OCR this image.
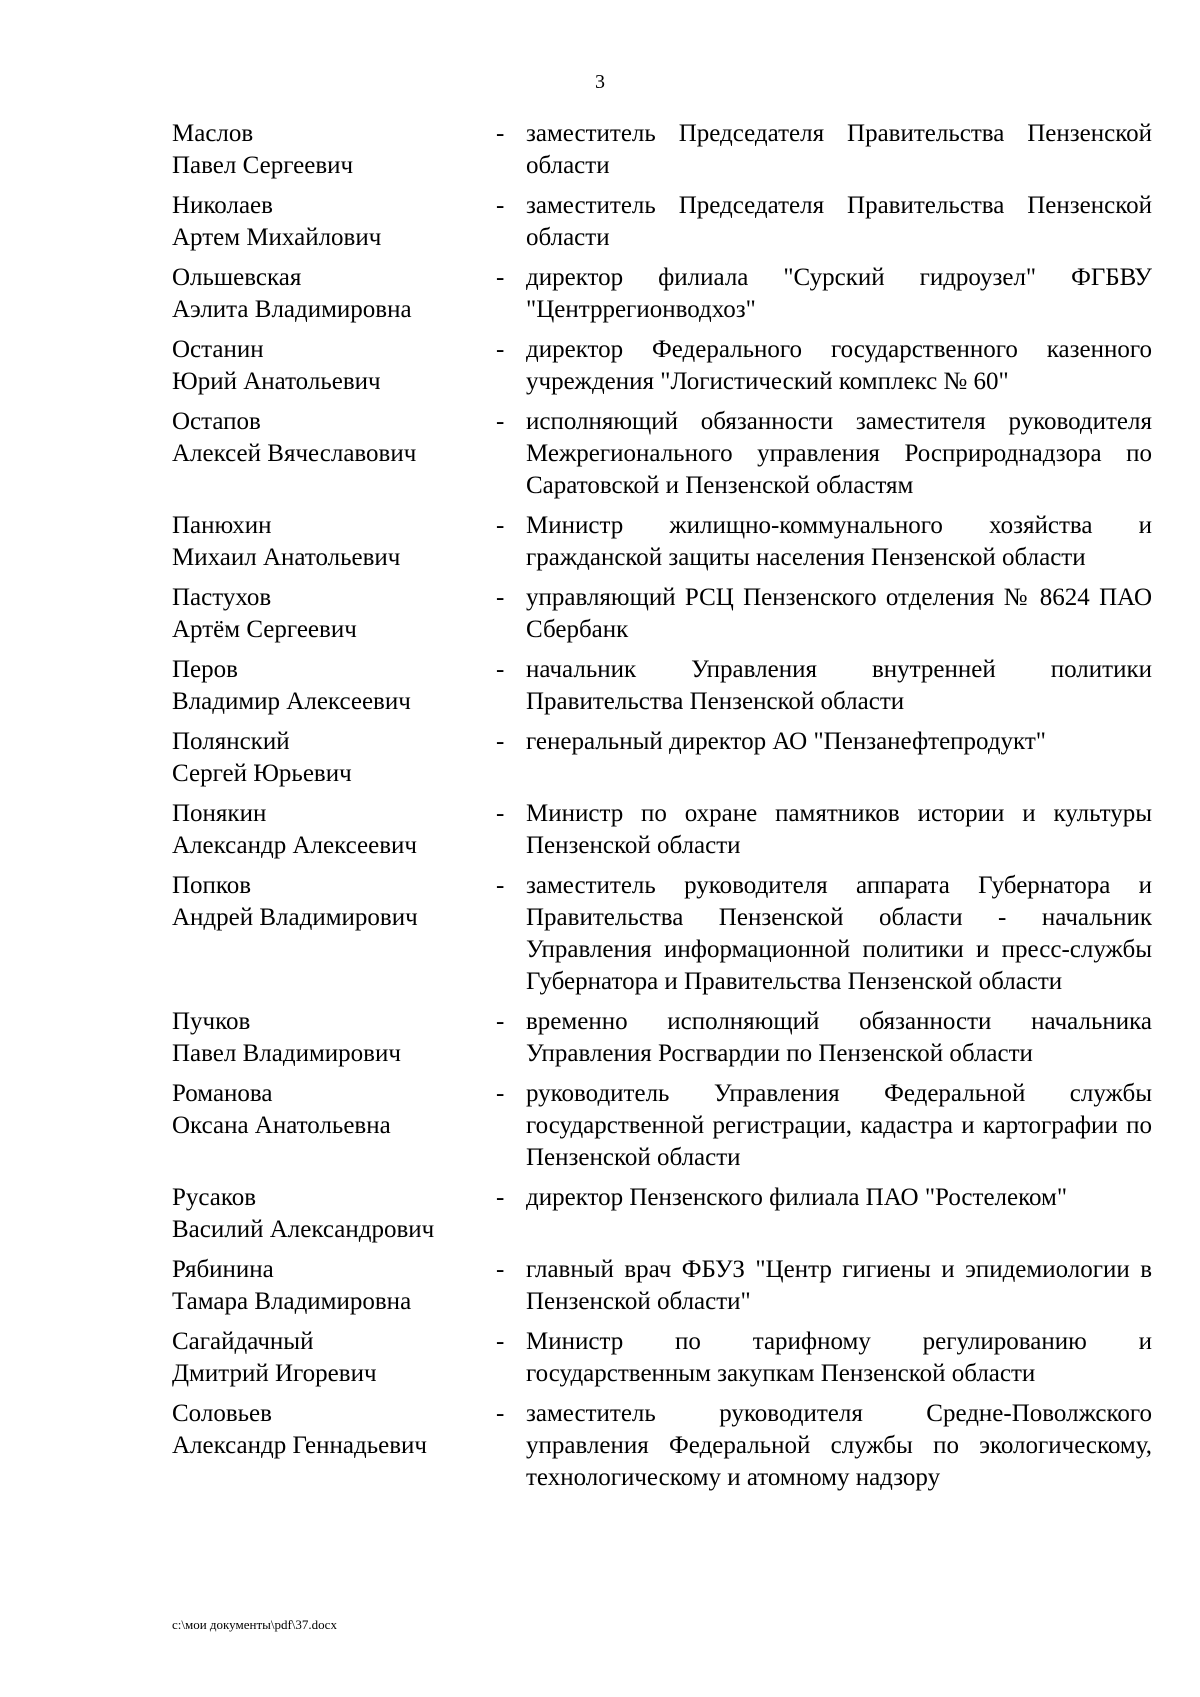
3
Маслов
Павел Сергеевич
- заместитель Председателя Правительства Пензенской области
Николаев
Артем Михайлович
- заместитель Председателя Правительства Пензенской области
Ольшевская
Аэлита Владимировна
- директор филиала "Сурский гидроузел" ФГБВУ "Центррегионводхоз"
Останин
Юрий Анатольевич
- директор Федерального государственного казенного учреждения "Логистический комплекс № 60"
Остапов
Алексей Вячеславович
- исполняющий обязанности заместителя руководителя Межрегионального управления Росприроднадзора по Саратовской и Пензенской областям
Панюхин
Михаил Анатольевич
- Министр жилищно-коммунального хозяйства и гражданской защиты населения Пензенской области
Пастухов
Артём Сергеевич
- управляющий РСЦ Пензенского отделения № 8624 ПАО Сбербанк
Перов
Владимир Алексеевич
- начальник Управления внутренней политики Правительства Пензенской области
Полянский
Сергей Юрьевич
- генеральный директор АО "Пензанефтепродукт"
Понякин
Александр Алексеевич
- Министр по охране памятников истории и культуры Пензенской области
Попков
Андрей Владимирович
- заместитель руководителя аппарата Губернатора и Правительства Пензенской области - начальник Управления информационной политики и пресс-службы Губернатора и Правительства Пензенской области
Пучков
Павел Владимирович
- временно исполняющий обязанности начальника Управления Росгвардии по Пензенской области
Романова
Оксана Анатольевна
- руководитель Управления Федеральной службы государственной регистрации, кадастра и картографии по Пензенской области
Русаков
Василий Александрович
- директор Пензенского филиала ПАО "Ростелеком"
Рябинина
Тамара Владимировна
- главный врач ФБУЗ "Центр гигиены и эпидемиологии в Пензенской области"
Сагайдачный
Дмитрий Игоревич
- Министр по тарифному регулированию и государственным закупкам Пензенской области
Соловьев
Александр Геннадьевич
- заместитель руководителя Средне-Поволжского управления Федеральной службы по экологическому, технологическому и атомному надзору
c:\мои документы\pdf\37.docx
